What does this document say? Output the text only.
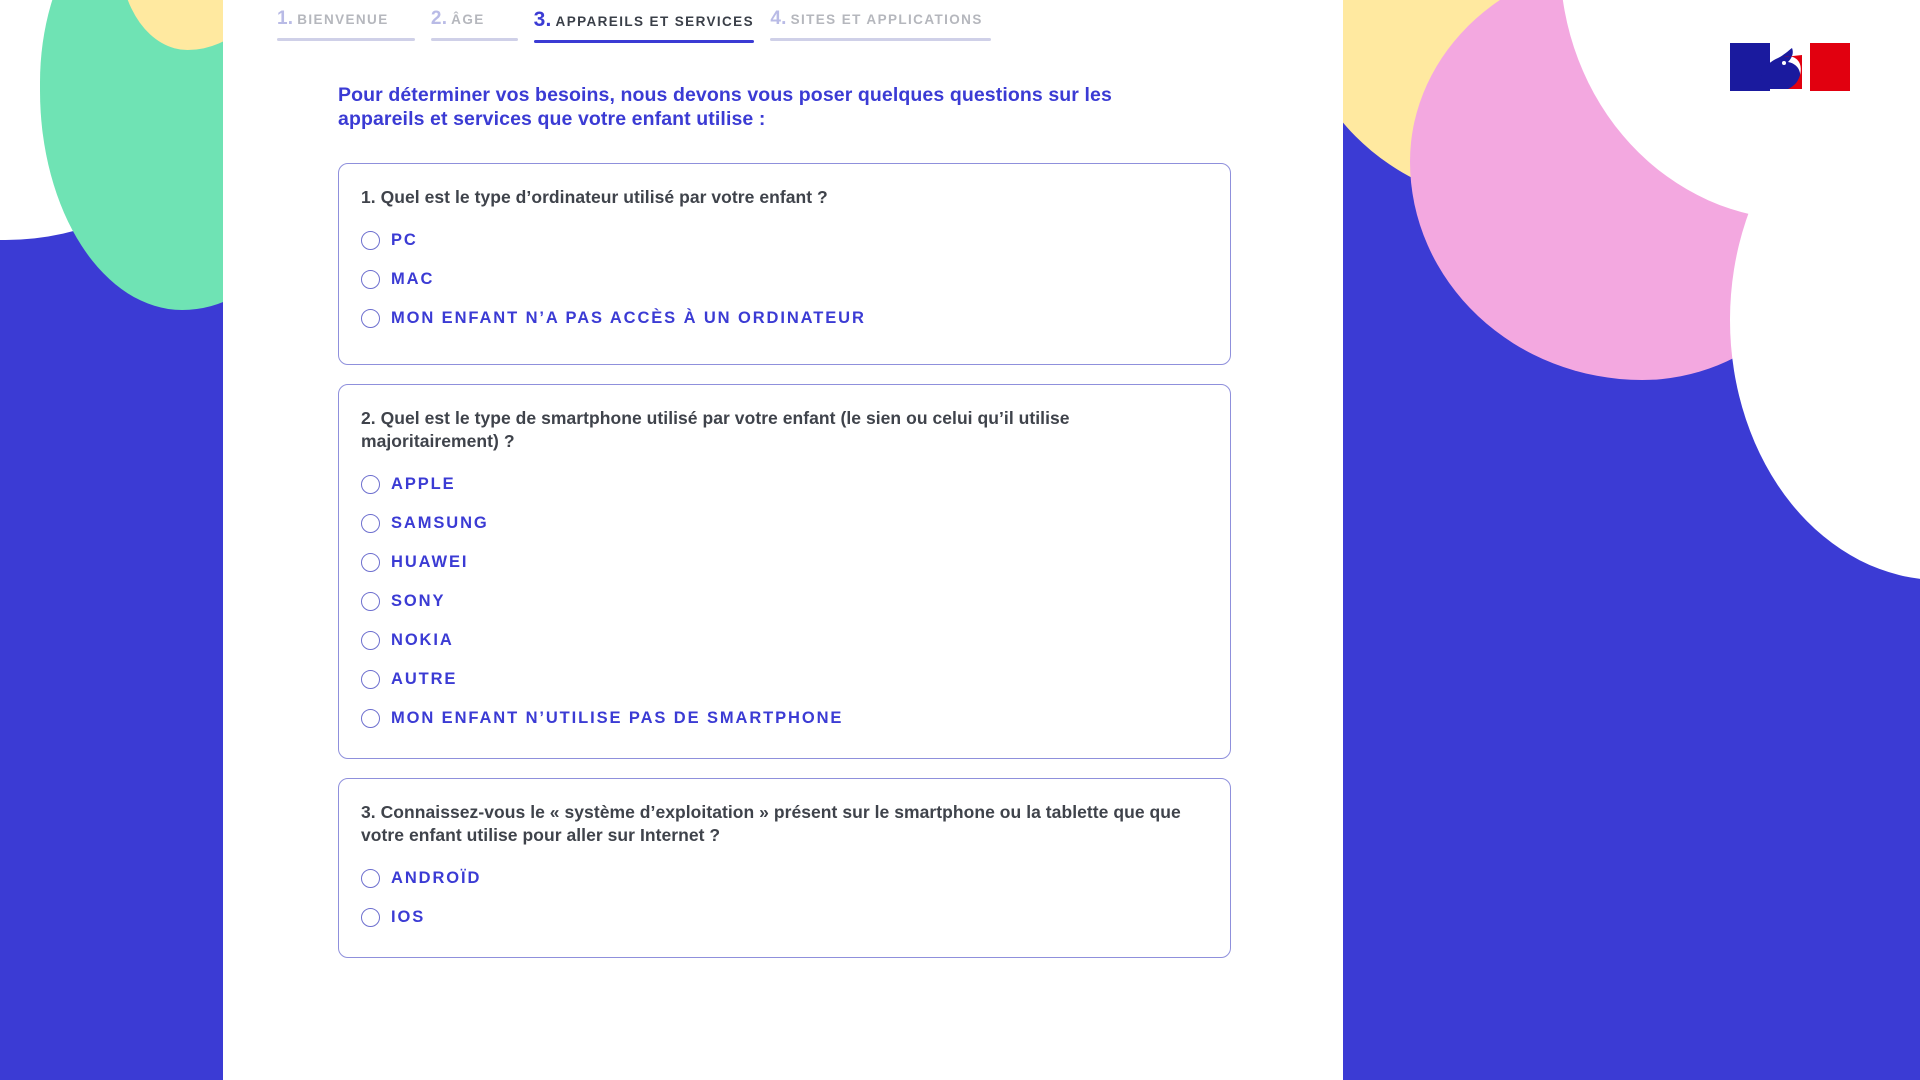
1. BIENVENUE	2. ÂGE	3. APPAREILS ET SERVICES 4. SITES ET APPLICATIONS

Pour déterminer vos besoins, nous devons vous poser quelques questions sur les appareils et services que votre enfant utilise :

1. Quel est le type d’ordinateur utilisé par votre enfant ?
PC
MAC
MON ENFANT N’A PAS ACCÈS À UN ORDINATEUR
2. Quel est le type de smartphone utilisé par votre enfant (le sien ou celui qu’il utilise majoritairement) ?
APPLE
SAMSUNG
HUAWEI
SONY
NOKIA
AUTRE
MON ENFANT N’UTILISE PAS DE SMARTPHONE
3. Connaissez-vous le « système d’exploitation » présent sur le smartphone ou la tablette que que votre enfant utilise pour aller sur Internet ?
ANDROÏD
IOS
